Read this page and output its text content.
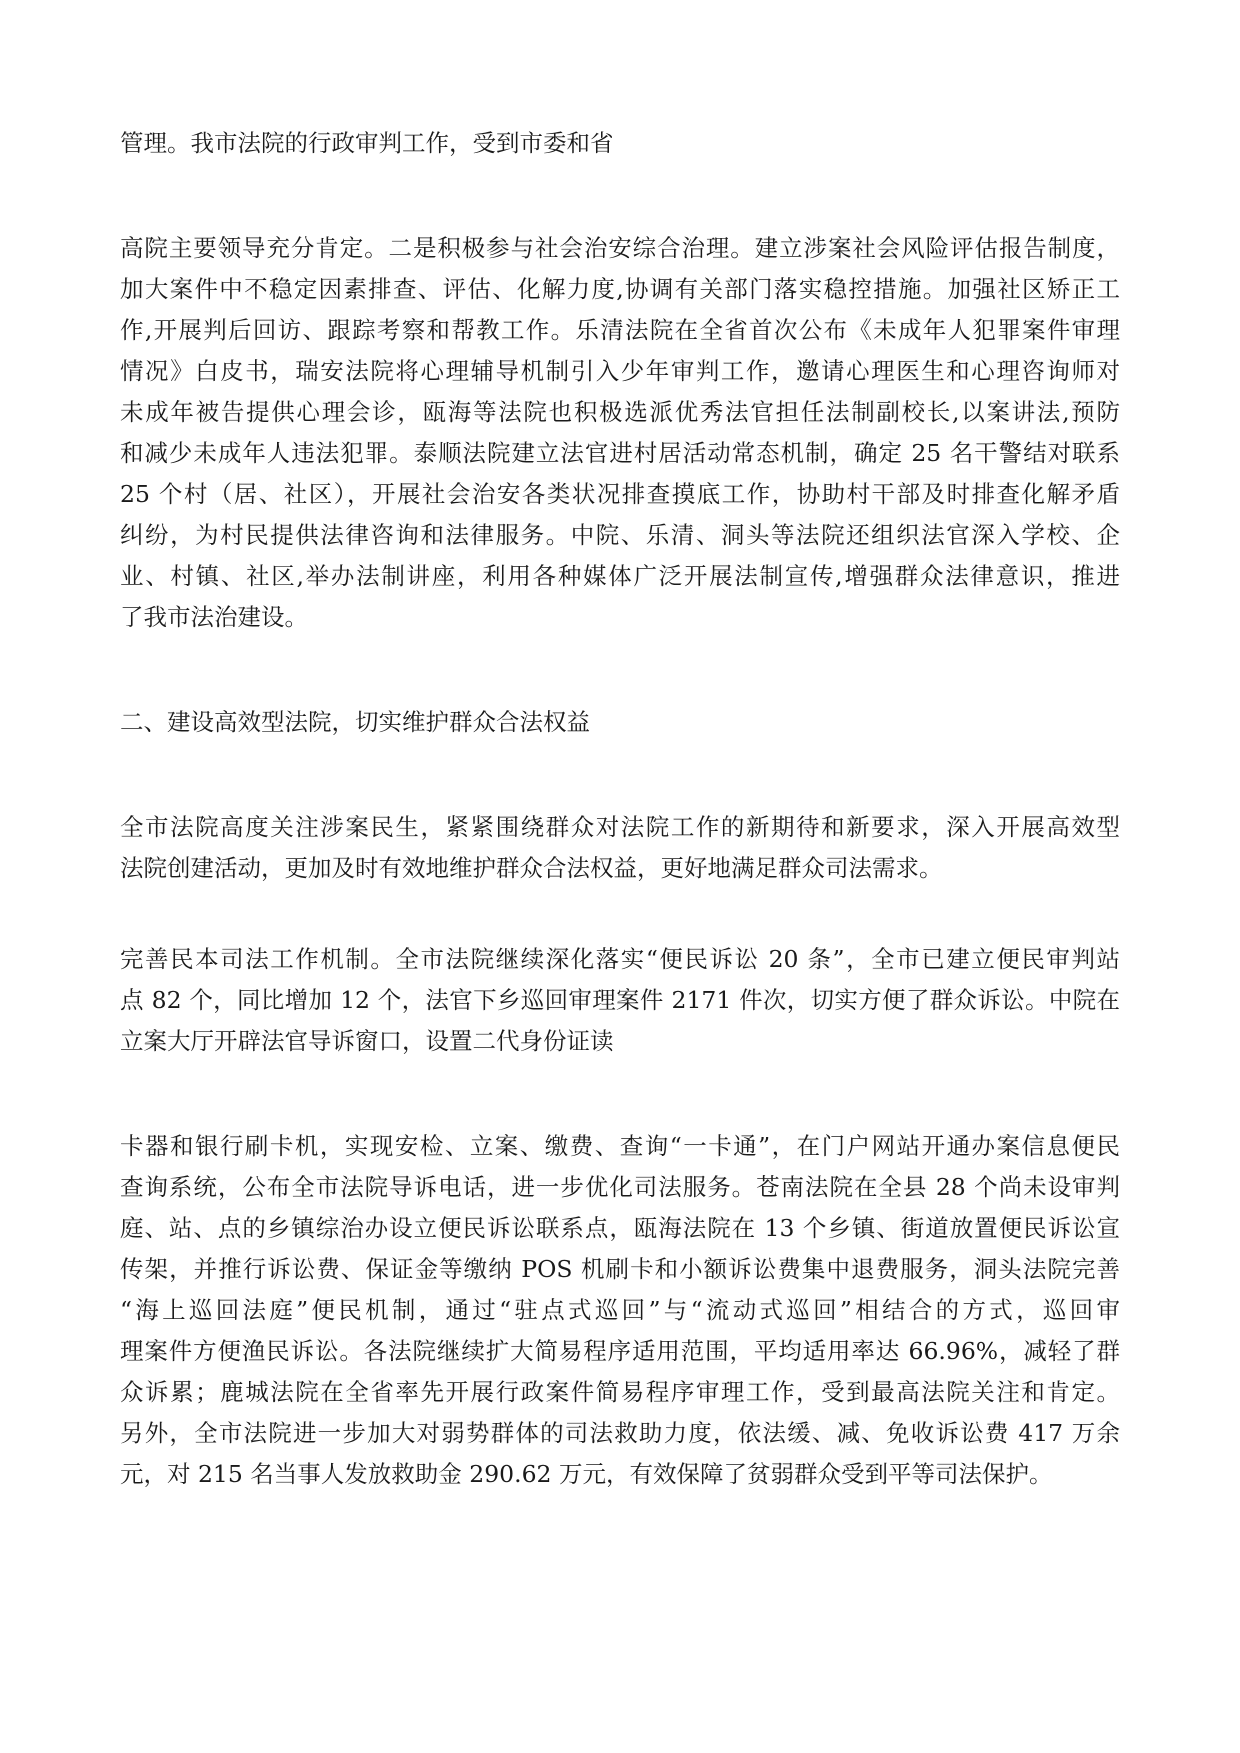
管理。我市法院的行政审判工作，受到市委和省

高院主要领导充分肯定。二是积极参与社会治安综合治理。建立涉案社会风险评估报告制度，
加大案件中不稳定因素排查、评估、化解力度,协调有关部门落实稳控措施。加强社区矫正工
作,开展判后回访、跟踪考察和帮教工作。乐清法院在全省首次公布《未成年人犯罪案件审理
情况》白皮书，瑞安法院将心理辅导机制引入少年审判工作，邀请心理医生和心理咨询师对
未成年被告提供心理会诊，瓯海等法院也积极选派优秀法官担任法制副校长,以案讲法,预防
和减少未成年人违法犯罪。泰顺法院建立法官进村居活动常态机制，确定 25 名干警结对联系
25 个村（居、社区），开展社会治安各类状况排查摸底工作，协助村干部及时排查化解矛盾
纠纷，为村民提供法律咨询和法律服务。中院、乐清、洞头等法院还组织法官深入学校、企
业、村镇、社区,举办法制讲座，利用各种媒体广泛开展法制宣传,增强群众法律意识，推进
了我市法治建设。

二、建设高效型法院，切实维护群众合法权益

全市法院高度关注涉案民生，紧紧围绕群众对法院工作的新期待和新要求，深入开展高效型
法院创建活动，更加及时有效地维护群众合法权益，更好地满足群众司法需求。

完善民本司法工作机制。全市法院继续深化落实“便民诉讼 20 条”，全市已建立便民审判站
点 82 个，同比增加 12 个，法官下乡巡回审理案件 2171 件次，切实方便了群众诉讼。中院在
立案大厅开辟法官导诉窗口，设置二代身份证读

卡器和银行刷卡机，实现安检、立案、缴费、查询“一卡通”，在门户网站开通办案信息便民
查询系统，公布全市法院导诉电话，进一步优化司法服务。苍南法院在全县 28 个尚未设审判
庭、站、点的乡镇综治办设立便民诉讼联系点，瓯海法院在 13 个乡镇、街道放置便民诉讼宣
传架，并推行诉讼费、保证金等缴纳 POS 机刷卡和小额诉讼费集中退费服务，洞头法院完善
“海上巡回法庭”便民机制，通过“驻点式巡回”与“流动式巡回”相结合的方式，巡回审
理案件方便渔民诉讼。各法院继续扩大简易程序适用范围，平均适用率达 66.96%，减轻了群
众诉累；鹿城法院在全省率先开展行政案件简易程序审理工作，受到最高法院关注和肯定。
另外，全市法院进一步加大对弱势群体的司法救助力度，依法缓、减、免收诉讼费 417 万余
元，对 215 名当事人发放救助金 290.62 万元，有效保障了贫弱群众受到平等司法保护。
